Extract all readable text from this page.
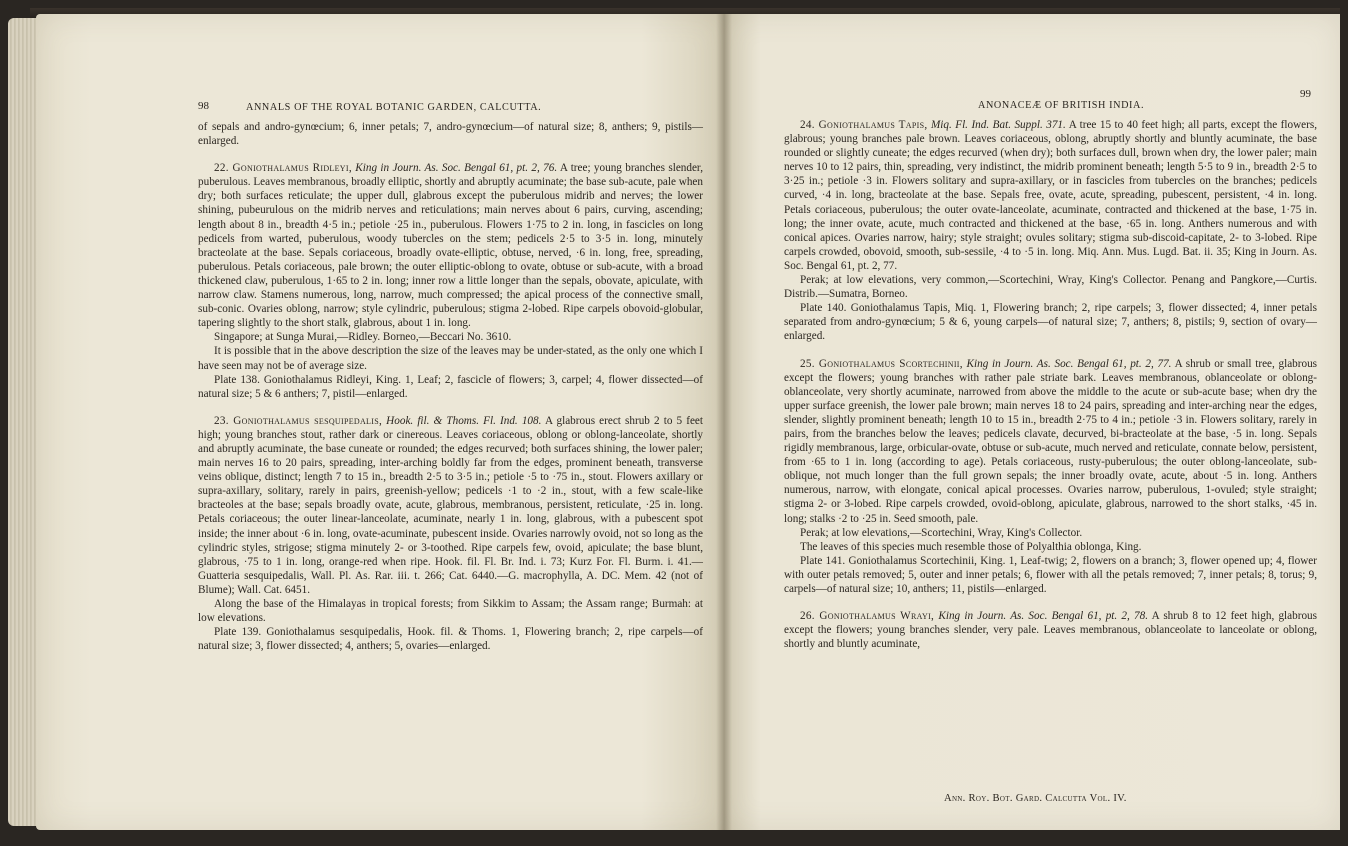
98	ANNALS OF THE ROYAL BOTANIC GARDEN, CALCUTTA.

of sepals and andro-gynœcium; 6, inner petals; 7, andro-gynœcium—of natural size; 8, anthers; 9, pistils—enlarged.

22. Goniothalamus Ridleyi, King in Journ. As. Soc. Bengal 61, pt. 2, 76. A tree; young branches slender, puberulous. Leaves membranous, broadly elliptic, shortly and abruptly acuminate; the base sub-acute, pale when dry; both surfaces reticulate; the upper dull, glabrous except the puberulous midrib and nerves; the lower shining, pubeurulous on the midrib nerves and reticulations; main nerves about 6 pairs, curving, ascending; length about 8 in., breadth 4·5 in.; petiole ·25 in., puberulous. Flowers 1·75 to 2 in. long, in fascicles on long pedicels from warted, puberulous, woody tubercles on the stem; pedicels 2·5 to 3·5 in. long, minutely bracteolate at the base. Sepals coriaceous, broadly ovate-elliptic, obtuse, nerved, ·6 in. long, free, spreading, puberulous. Petals coriaceous, pale brown; the outer elliptic-oblong to ovate, obtuse or sub-acute, with a broad thickened claw, puberulous, 1·65 to 2 in. long; inner row a little longer than the sepals, obovate, apiculate, with narrow claw. Stamens numerous, long, narrow, much compressed; the apical process of the connective small, sub-conic. Ovaries oblong, narrow; style cylindric, puberulous; stigma 2-lobed. Ripe carpels obovoid-globular, tapering slightly to the short stalk, glabrous, about 1 in. long.

Singapore; at Sunga Murai,—Ridley. Borneo,—Beccari No. 3610.

It is possible that in the above description the size of the leaves may be under-stated, as the only one which I have seen may not be of average size.

Plate 138. Goniothalamus Ridleyi, King. 1, Leaf; 2, fascicle of flowers; 3, carpel; 4, flower dissected—of natural size; 5 & 6 anthers; 7, pistil—enlarged.

23. Goniothalamus sesquipedalis, Hook. fil. & Thoms. Fl. Ind. 108. A glabrous erect shrub 2 to 5 feet high; young branches stout, rather dark or cinereous. Leaves coriaceous, oblong or oblong-lanceolate, shortly and abruptly acuminate, the base cuneate or rounded; the edges recurved; both surfaces shining, the lower paler; main nerves 16 to 20 pairs, spreading, inter-arching boldly far from the edges, prominent beneath, transverse veins oblique, distinct; length 7 to 15 in., breadth 2·5 to 3·5 in.; petiole ·5 to ·75 in., stout. Flowers axillary or supra-axillary, solitary, rarely in pairs, greenish-yellow; pedicels ·1 to ·2 in., stout, with a few scale-like bracteoles at the base; sepals broadly ovate, acute, glabrous, membranous, persistent, reticulate, ·25 in. long. Petals coriaceous; the outer linear-lanceolate, acuminate, nearly 1 in. long, glabrous, with a pubescent spot inside; the inner about ·6 in. long, ovate-acuminate, pubescent inside. Ovaries narrowly ovoid, not so long as the cylindric styles, strigose; stigma minutely 2- or 3-toothed. Ripe carpels few, ovoid, apiculate; the base blunt, glabrous, ·75 to 1 in. long, orange-red when ripe. Hook. fil. Fl. Br. Ind. i. 73; Kurz For. Fl. Burm. i. 41.—Guatteria sesquipedalis, Wall. Pl. As. Rar. iii. t. 266; Cat. 6440.—G. macrophylla, A. DC. Mem. 42 (not of Blume); Wall. Cat. 6451.

Along the base of the Himalayas in tropical forests; from Sikkim to Assam; the Assam range; Burmah: at low elevations.

Plate 139. Goniothalamus sesquipedalis, Hook. fil. & Thoms. 1, Flowering branch; 2, ripe carpels—of natural size; 3, flower dissected; 4, anthers; 5, ovaries—enlarged.

99
ANONACEÆ OF BRITISH INDIA.

24. Goniothalamus Tapis, Miq. Fl. Ind. Bat. Suppl. 371. A tree 15 to 40 feet high; all parts, except the flowers, glabrous; young branches pale brown. Leaves coriaceous, oblong, abruptly shortly and bluntly acuminate, the base rounded or slightly cuneate; the edges recurved (when dry); both surfaces dull, brown when dry, the lower paler; main nerves 10 to 12 pairs, thin, spreading, very indistinct, the midrib prominent beneath; length 5·5 to 9 in., breadth 2·5 to 3·25 in.; petiole ·3 in. Flowers solitary and supra-axillary, or in fascicles from tubercles on the branches; pedicels curved, ·4 in. long, bracteolate at the base. Sepals free, ovate, acute, spreading, pubescent, persistent, ·4 in. long. Petals coriaceous, puberulous; the outer ovate-lanceolate, acuminate, contracted and thickened at the base, 1·75 in. long; the inner ovate, acute, much contracted and thickened at the base, ·65 in. long. Anthers numerous and with conical apices. Ovaries narrow, hairy; style straight; ovules solitary; stigma sub-discoid-capitate, 2- to 3-lobed. Ripe carpels crowded, obovoid, smooth, sub-sessile, ·4 to ·5 in. long. Miq. Ann. Mus. Lugd. Bat. ii. 35; King in Journ. As. Soc. Bengal 61, pt. 2, 77.

Perak; at low elevations, very common,—Scortechini, Wray, King's Collector. Penang and Pangkore,—Curtis. Distrib.—Sumatra, Borneo.

Plate 140. Goniothalamus Tapis, Miq. 1, Flowering branch; 2, ripe carpels; 3, flower dissected; 4, inner petals separated from andro-gynœcium; 5 & 6, young carpels—of natural size; 7, anthers; 8, pistils; 9, section of ovary—enlarged.

25. Goniothalamus Scortechinii, King in Journ. As. Soc. Bengal 61, pt. 2, 77. A shrub or small tree, glabrous except the flowers; young branches with rather pale striate bark. Leaves membranous, oblanceolate or oblong-oblanceolate, very shortly acuminate, narrowed from above the middle to the acute or sub-acute base; when dry the upper surface greenish, the lower pale brown; main nerves 18 to 24 pairs, spreading and inter-arching near the edges, slender, slightly prominent beneath; length 10 to 15 in., breadth 2·75 to 4 in.; petiole ·3 in. Flowers solitary, rarely in pairs, from the branches below the leaves; pedicels clavate, decurved, bi-bracteolate at the base, ·5 in. long. Sepals rigidly membranous, large, orbicular-ovate, obtuse or sub-acute, much nerved and reticulate, connate below, persistent, from ·65 to 1 in. long (according to age). Petals coriaceous, rusty-puberulous; the outer oblong-lanceolate, sub-oblique, not much longer than the full grown sepals; the inner broadly ovate, acute, about ·5 in. long. Anthers numerous, narrow, with elongate, conical apical processes. Ovaries narrow, puberulous, 1-ovuled; style straight; stigma 2- or 3-lobed. Ripe carpels crowded, ovoid-oblong, apiculate, glabrous, narrowed to the short stalks, ·45 in. long; stalks ·2 to ·25 in. Seed smooth, pale.

Perak; at low elevations,—Scortechini, Wray, King's Collector.

The leaves of this species much resemble those of Polyalthia oblonga, King.

Plate 141. Goniothalamus Scortechinii, King. 1, Leaf-twig; 2, flowers on a branch; 3, flower opened up; 4, flower with outer petals removed; 5, outer and inner petals; 6, flower with all the petals removed; 7, inner petals; 8, torus; 9, carpels—of natural size; 10, anthers; 11, pistils—enlarged.

26. Goniothalamus Wrayi, King in Journ. As. Soc. Bengal 61, pt. 2, 78. A shrub 8 to 12 feet high, glabrous except the flowers; young branches slender, very pale. Leaves membranous, oblanceolate to lanceolate or oblong, shortly and bluntly acuminate,

Ann. Roy. Bot. Gard. Calcutta Vol. IV.
